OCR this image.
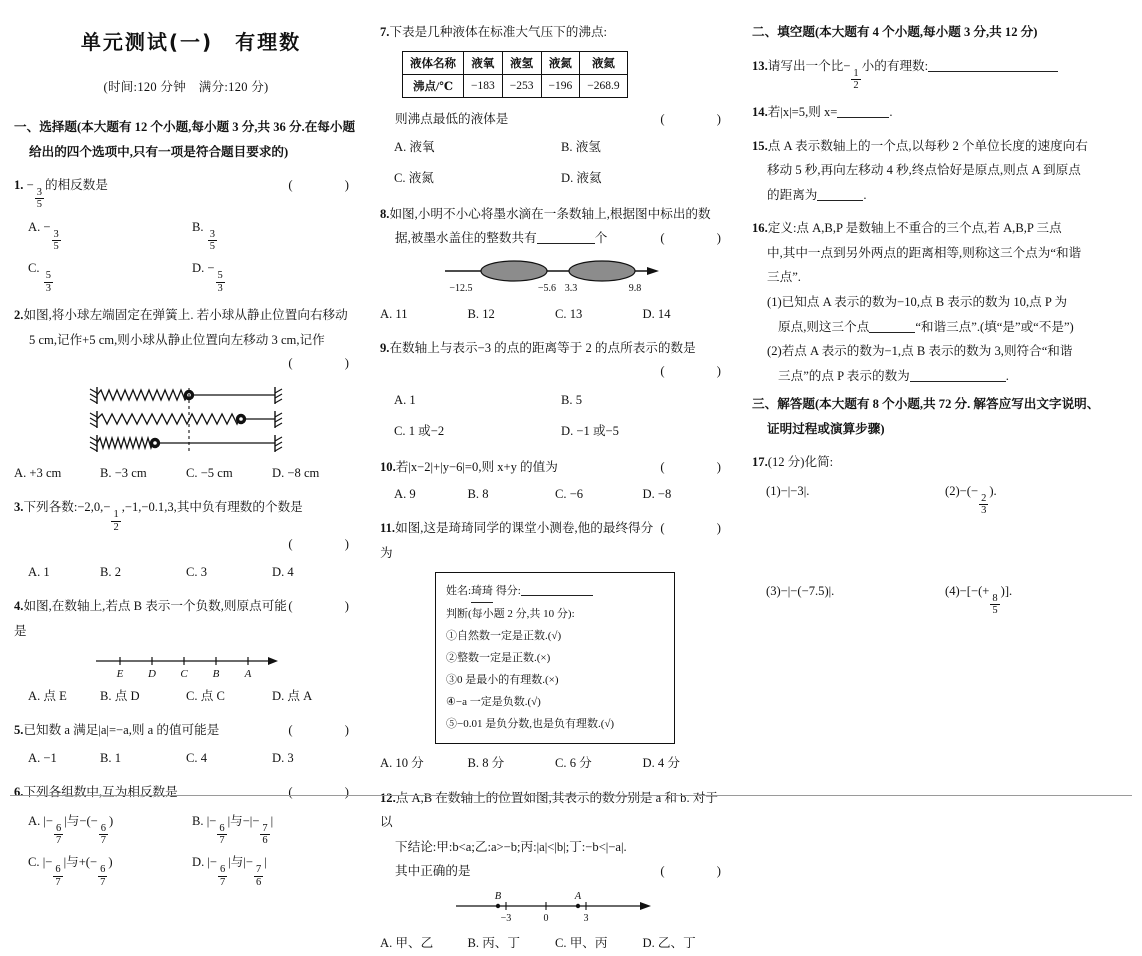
单元测试(一)　有理数
(时间:120 分钟　满分:120 分)
一、选择题(本大题有 12 个小题,每小题 3 分,共 36 分.在每小题
给出的四个选项中,只有一项是符合题目要求的)
(　　)
1. −
$\frac{3}{5}$
的相反数是
A. −
$\frac{3}{5}$
B.
$\frac{3}{5}$
C.
$\frac{5}{3}$
D. −
$\frac{5}{3}$
2.如图,将小球左端固定在弹簧上. 若小球从静止位置向右移动
5 cm,记作+5 cm,则小球从静止位置向左移动 3 cm,记作
(　　)
A. +3 cm	B. −3 cm	C. −5 cm	D. −8 cm
3.下列各数:−2,0,−
$\frac{1}{2}$
,−1,−0.1,3,其中负有理数的个数是
(　　)
A. 1	B. 2	C. 3	D. 4
(　　)
4.如图,在数轴上,若点 B 表示一个负数,则原点可能是
E D C B A
A. 点 E	B. 点 D	C. 点 C	D. 点 A
(　　)
5.已知数 a 满足|a|=−a,则 a 的值可能是
A. −1	B. 1	C. 4	D. 3
(　　)
6.下列各组数中,互为相反数是
A. |−
$\frac{6}{7}$
|与−(−
$\frac{6}{7}$
)	B. |−
$\frac{6}{7}$
|与−|−
$\frac{7}{6}$
|
C. |−
$\frac{6}{7}$
|与+(−
$\frac{6}{7}$
)	D. |−
$\frac{6}{7}$
|与|−
$\frac{7}{6}$
|
7.下表是几种液体在标准大气压下的沸点:
液体名称	液氧	液氢	液氮	液氦
沸点/℃	−183	−253	−196	−268.9
(　　)
则沸点最低的液体是
A. 液氧	B. 液氢
C. 液氮	D. 液氦
8.如图,小明不小心将墨水滴在一条数轴上,根据图中标出的数
(　　)
据,被墨水盖住的整数共有	个
−12.5	−5.6 3.3	9.8
A. 11	B. 12	C. 13	D. 14
9.在数轴上与表示−3 的点的距离等于 2 的点所表示的数是
(　　)
A. 1	B. 5
C. 1 或−2	D. −1 或−5
(　　)
10.若|x−2|+|y−6|=0,则 x+y 的值为
A. 9	B. 8	C. −6	D. −8
(　　)
11.如图,这是琦琦同学的课堂小测卷,他的最终得分为
姓名:琦琦 得分:
判断(每小题 2 分,共 10 分):
①自然数一定是正数.(√)
②整数一定是正数.(×)
③0 是最小的有理数.(×)
④−a 一定是负数.(√)
⑤−0.01 是负分数,也是负有理数.(√)
A. 10 分	B. 8 分	C. 6 分	D. 4 分
12.点 A,B 在数轴上的位置如图,其表示的数分别是 a 和 b. 对于以
下结论:甲:b<a;乙:a>−b;丙:|a|<|b|;丁:−b<|−a|.
(　　)
其中正确的是
B	A
−3	0	3
A. 甲、乙	B. 丙、丁	C. 甲、丙	D. 乙、丁
二、填空题(本大题有 4 个小题,每小题 3 分,共 12 分)
13.请写出一个比−
$\frac{1}{2}$
小的有理数:
14.若|x|=5,则 x=	.
15.点 A 表示数轴上的一个点,以每秒 2 个单位长度的速度向右
移动 5 秒,再向左移动 4 秒,终点恰好是原点,则点 A 到原点
的距离为	.
16.定义:点 A,B,P 是数轴上不重合的三个点,若 A,B,P 三点
中,其中一点到另外两点的距离相等,则称这三个点为“和谐
三点”.
(1)已知点 A 表示的数为−10,点 B 表示的数为 10,点 P 为
原点,则这三个点	“和谐三点”.(填“是”或“不是”)
(2)若点 A 表示的数为−1,点 B 表示的数为 3,则符合“和谐
三点”的点 P 表示的数为	.
三、解答题(本大题有 8 个小题,共 72 分. 解答应写出文字说明、
证明过程或演算步骤)
17.(12 分)化简:
(1)−|−3|.	(2)−(−
$\frac{2}{3}$
).
(3)−|−(−7.5)|.	(4)−[−(+
$\frac{8}{5}$
)].
